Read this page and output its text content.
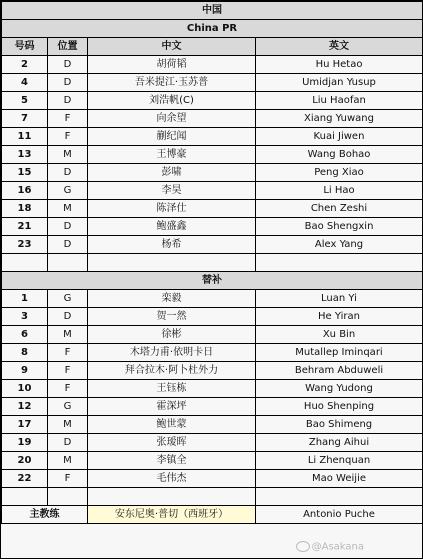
中国			
China PR			
号码	位置	中文	英文
2	D	胡荷韬	Hu Hetao
4	D	吾米提江·玉苏普	Umidjan Yusup
5	D	刘浩帆(C)	Liu Haofan
7	F	向余望	Xiang Yuwang
11	F	蒯纪闻	Kuai Jiwen
13	M	王博豪	Wang Bohao
15	D	彭啸	Peng Xiao
16	G	李昊	Li Hao
18	M	陈泽仕	Chen Zeshi
21	D	鲍盛鑫	Bao Shengxin
23	D	杨希	Alex Yang

替补			
1	G	栾毅	Luan Yi
3	D	贺一然	He Yiran
6	M	徐彬	Xu Bin
8	F	木塔力甫·依明卡日	Mutallep Iminqari
9	F	拜合拉木·阿卜杜外力	Behram Abduweli
10	F	王钰栋	Wang Yudong
12	G	霍深坪	Huo Shenping
17	M	鲍世蒙	Bao Shimeng
19	D	张瑷晖	Zhang Aihui
20	M	李镇全	Li Zhenquan
22	F	毛伟杰	Mao Weijie

主教练		安东尼奥·普切（西班牙）	Antonio Puche
@Asakana
